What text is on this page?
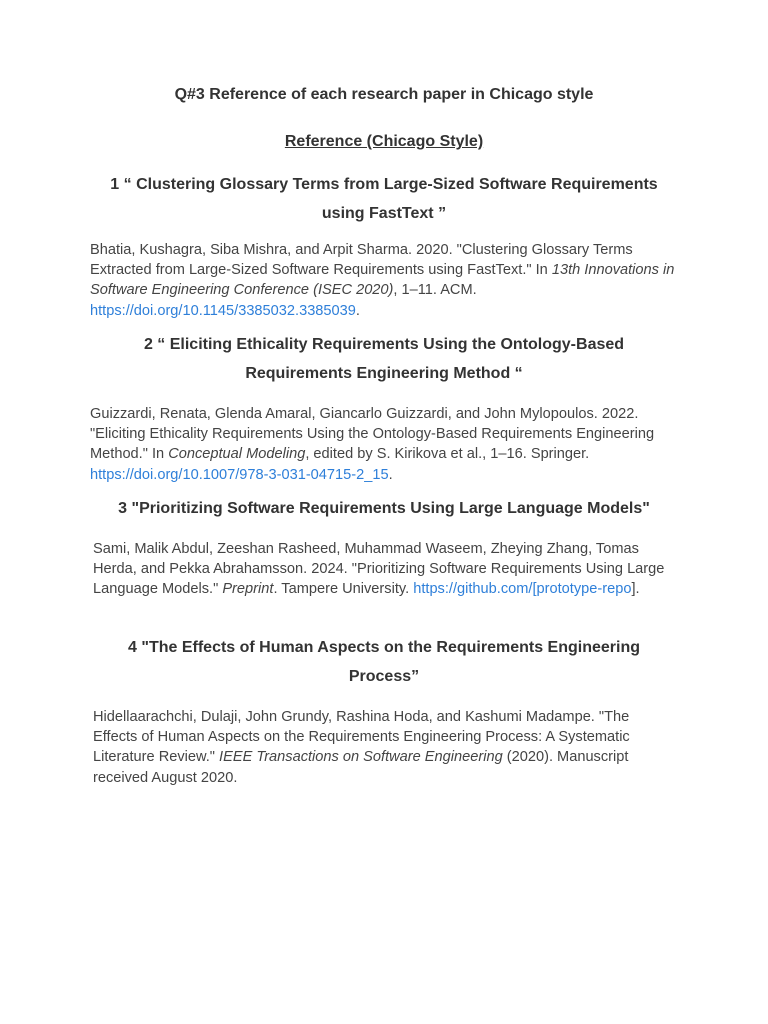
Q#3 Reference of each research paper in Chicago style
Reference (Chicago Style)
1 “ Clustering Glossary Terms from Large-Sized Software Requirements using FastText ”
Bhatia, Kushagra, Siba Mishra, and Arpit Sharma. 2020. "Clustering Glossary Terms Extracted from Large-Sized Software Requirements using FastText." In 13th Innovations in Software Engineering Conference (ISEC 2020), 1–11. ACM. https://doi.org/10.1145/3385032.3385039.
2 “ Eliciting Ethicality Requirements Using the Ontology-Based Requirements Engineering Method “
Guizzardi, Renata, Glenda Amaral, Giancarlo Guizzardi, and John Mylopoulos. 2022. "Eliciting Ethicality Requirements Using the Ontology-Based Requirements Engineering Method." In Conceptual Modeling, edited by S. Kirikova et al., 1–16. Springer. https://doi.org/10.1007/978-3-031-04715-2_15.
3 "Prioritizing Software Requirements Using Large Language Models"
Sami, Malik Abdul, Zeeshan Rasheed, Muhammad Waseem, Zheying Zhang, Tomas Herda, and Pekka Abrahamsson. 2024. "Prioritizing Software Requirements Using Large Language Models." Preprint. Tampere University. https://github.com/[prototype-repo].
4 "The Effects of Human Aspects on the Requirements Engineering Process”
Hidellaarachchi, Dulaji, John Grundy, Rashina Hoda, and Kashumi Madampe. "The Effects of Human Aspects on the Requirements Engineering Process: A Systematic Literature Review." IEEE Transactions on Software Engineering (2020). Manuscript received August 2020.
